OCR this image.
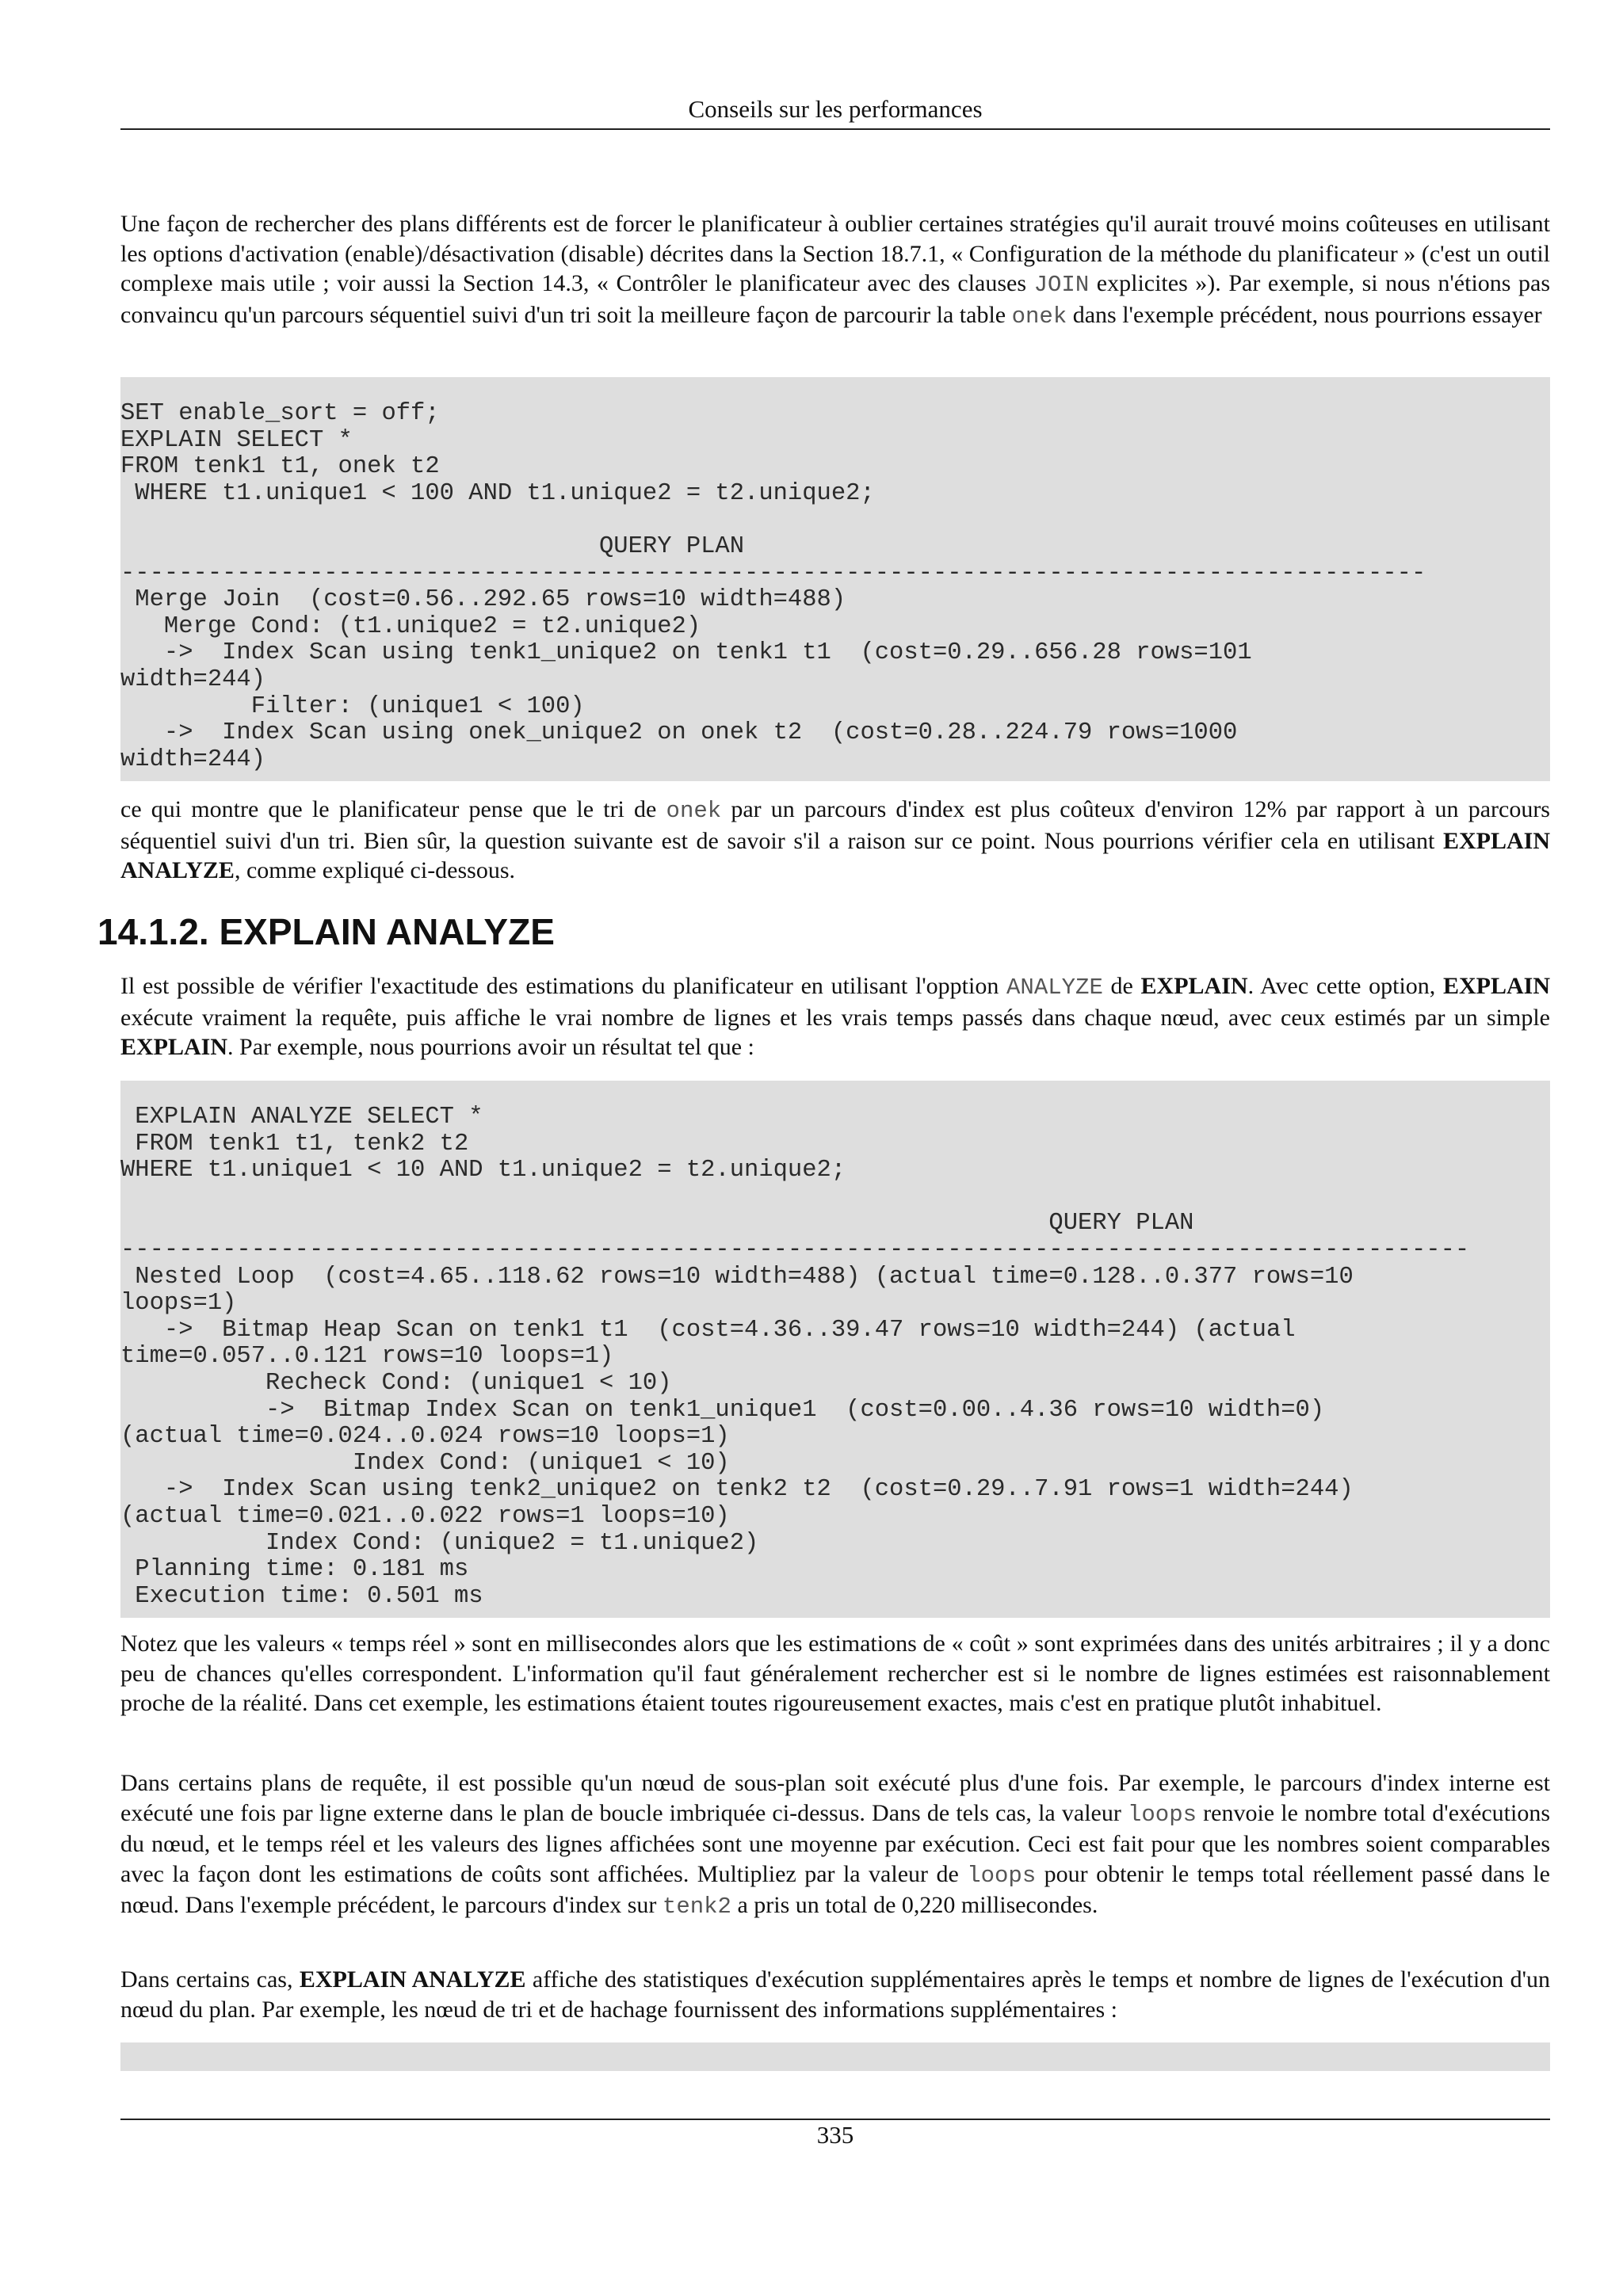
Conseils sur les performances

Une façon de rechercher des plans différents est de forcer le planificateur à oublier certaines stratégies qu'il aurait trouvé moins coûteuses en utilisant les options d'activation (enable)/désactivation (disable) décrites dans la Section 18.7.1, « Configuration de la méthode du planificateur » (c'est un outil complexe mais utile ; voir aussi la Section 14.3, « Contrôler le planificateur avec des clauses JOIN explicites »). Par exemple, si nous n'étions pas convaincu qu'un parcours séquentiel suivi d'un tri soit la meilleure façon de parcourir la table onek dans l'exemple précédent, nous pourrions essayer

SET enable_sort = off;
EXPLAIN SELECT *
FROM tenk1 t1, onek t2
WHERE t1.unique1 < 100 AND t1.unique2 = t2.unique2;

QUERY PLAN
------------------------------------------------------------------------------------------
Merge Join  (cost=0.56..292.65 rows=10 width=488)
Merge Cond: (t1.unique2 = t2.unique2)
->  Index Scan using tenk1_unique2 on tenk1 t1  (cost=0.29..656.28 rows=101
width=244)
Filter: (unique1 < 100)
->  Index Scan using onek_unique2 on onek t2  (cost=0.28..224.79 rows=1000
width=244)

ce qui montre que le planificateur pense que le tri de onek par un parcours d'index est plus coûteux d'environ 12% par rapport à un parcours séquentiel suivi d'un tri. Bien sûr, la question suivante est de savoir s'il a raison sur ce point. Nous pourrions vérifier cela en utilisant EXPLAIN ANALYZE, comme expliqué ci-dessous.

14.1.2. EXPLAIN ANALYZE

Il est possible de vérifier l'exactitude des estimations du planificateur en utilisant l'opption ANALYZE de EXPLAIN. Avec cette option, EXPLAIN exécute vraiment la requête, puis affiche le vrai nombre de lignes et les vrais temps passés dans chaque nœud, avec ceux estimés par un simple EXPLAIN. Par exemple, nous pourrions avoir un résultat tel que :

EXPLAIN ANALYZE SELECT *
FROM tenk1 t1, tenk2 t2
WHERE t1.unique1 < 10 AND t1.unique2 = t2.unique2;

QUERY PLAN
---------------------------------------------------------------------------------------------
Nested Loop  (cost=4.65..118.62 rows=10 width=488) (actual time=0.128..0.377 rows=10
loops=1)
->  Bitmap Heap Scan on tenk1 t1  (cost=4.36..39.47 rows=10 width=244) (actual
time=0.057..0.121 rows=10 loops=1)
Recheck Cond: (unique1 < 10)
->  Bitmap Index Scan on tenk1_unique1  (cost=0.00..4.36 rows=10 width=0)
(actual time=0.024..0.024 rows=10 loops=1)
Index Cond: (unique1 < 10)
->  Index Scan using tenk2_unique2 on tenk2 t2  (cost=0.29..7.91 rows=1 width=244)
(actual time=0.021..0.022 rows=1 loops=10)
Index Cond: (unique2 = t1.unique2)
Planning time: 0.181 ms
Execution time: 0.501 ms

Notez que les valeurs « temps réel » sont en millisecondes alors que les estimations de « coût » sont exprimées dans des unités arbitraires ; il y a donc peu de chances qu'elles correspondent. L'information qu'il faut généralement rechercher est si le nombre de lignes estimées est raisonnablement proche de la réalité. Dans cet exemple, les estimations étaient toutes rigoureusement exactes, mais c'est en pratique plutôt inhabituel.

Dans certains plans de requête, il est possible qu'un nœud de sous-plan soit exécuté plus d'une fois. Par exemple, le parcours d'index interne est exécuté une fois par ligne externe dans le plan de boucle imbriquée ci-dessus. Dans de tels cas, la valeur loops renvoie le nombre total d'exécutions du nœud, et le temps réel et les valeurs des lignes affichées sont une moyenne par exécution. Ceci est fait pour que les nombres soient comparables avec la façon dont les estimations de coûts sont affichées. Multipliez par la valeur de loops pour obtenir le temps total réellement passé dans le nœud. Dans l'exemple précédent, le parcours d'index sur tenk2 a pris un total de 0,220 millisecondes.

Dans certains cas, EXPLAIN ANALYZE affiche des statistiques d'exécution supplémentaires après le temps et nombre de lignes de l'exécution d'un nœud du plan. Par exemple, les nœud de tri et de hachage fournissent des informations supplémentaires :

335
